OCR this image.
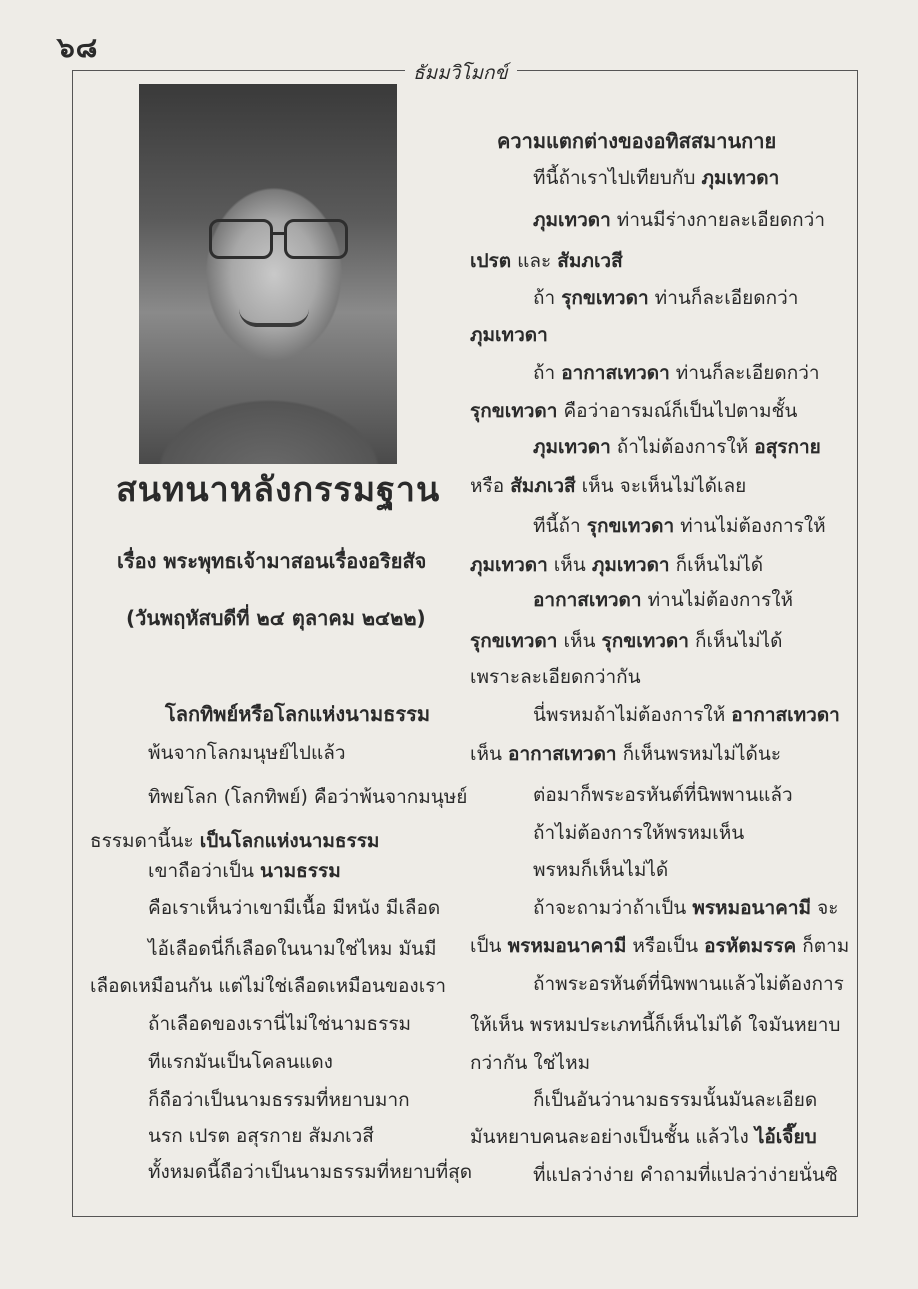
๖๘
ธัมมวิโมกข์
สนทนาหลังกรรมฐาน
เรื่อง พระพุทธเจ้ามาสอนเรื่องอริยสัจ
(วันพฤหัสบดีที่ ๒๔ ตุลาคม ๒๔๒๒)
โลกทิพย์หรือโลกแห่งนามธรรม
พ้นจากโลกมนุษย์ไปแล้ว
ทิพยโลก (โลกทิพย์) คือว่าพ้นจากมนุษย์
ธรรมดานี้นะ เป็นโลกแห่งนามธรรม
เขาถือว่าเป็น นามธรรม
คือเราเห็นว่าเขามีเนื้อ มีหนัง มีเลือด
ไอ้เลือดนี่ก็เลือดในนามใช่ไหม มันมี
เลือดเหมือนกัน แต่ไม่ใช่เลือดเหมือนของเรา
ถ้าเลือดของเรานี่ไม่ใช่นามธรรม
ทีแรกมันเป็นโคลนแดง
ก็ถือว่าเป็นนามธรรมที่หยาบมาก
นรก เปรต อสุรกาย สัมภเวสี
ทั้งหมดนี้ถือว่าเป็นนามธรรมที่หยาบที่สุด
ความแตกต่างของอทิสสมานกาย
ทีนี้ถ้าเราไปเทียบกับ ภุมเทวดา
ภุมเทวดา ท่านมีร่างกายละเอียดกว่า
เปรต และ สัมภเวสี
ถ้า รุกขเทวดา ท่านก็ละเอียดกว่า
ภุมเทวดา
ถ้า อากาสเทวดา ท่านก็ละเอียดกว่า
รุกขเทวดา คือว่าอารมณ์ก็เป็นไปตามชั้น
ภุมเทวดา ถ้าไม่ต้องการให้ อสุรกาย
หรือ สัมภเวสี เห็น จะเห็นไม่ได้เลย
ทีนี้ถ้า รุกขเทวดา ท่านไม่ต้องการให้
ภุมเทวดา เห็น ภุมเทวดา ก็เห็นไม่ได้
อากาสเทวดา ท่านไม่ต้องการให้
รุกขเทวดา เห็น รุกขเทวดา ก็เห็นไม่ได้
เพราะละเอียดกว่ากัน
นี่พรหมถ้าไม่ต้องการให้ อากาสเทวดา
เห็น อากาสเทวดา ก็เห็นพรหมไม่ได้นะ
ต่อมาก็พระอรหันต์ที่นิพพานแล้ว
ถ้าไม่ต้องการให้พรหมเห็น
พรหมก็เห็นไม่ได้
ถ้าจะถามว่าถ้าเป็น พรหมอนาคามี จะ
เป็น พรหมอนาคามี หรือเป็น อรหัตมรรค ก็ตาม
ถ้าพระอรหันต์ที่นิพพานแล้วไม่ต้องการ
ให้เห็น พรหมประเภทนี้ก็เห็นไม่ได้ ใจมันหยาบ
กว่ากัน ใช่ไหม
ก็เป็นอันว่านามธรรมนั้นมันละเอียด
มันหยาบคนละอย่างเป็นชั้น แล้วไง ไอ้เจี๊ยบ
ที่แปลว่าง่าย คำถามที่แปลว่าง่ายนั่นซิ
